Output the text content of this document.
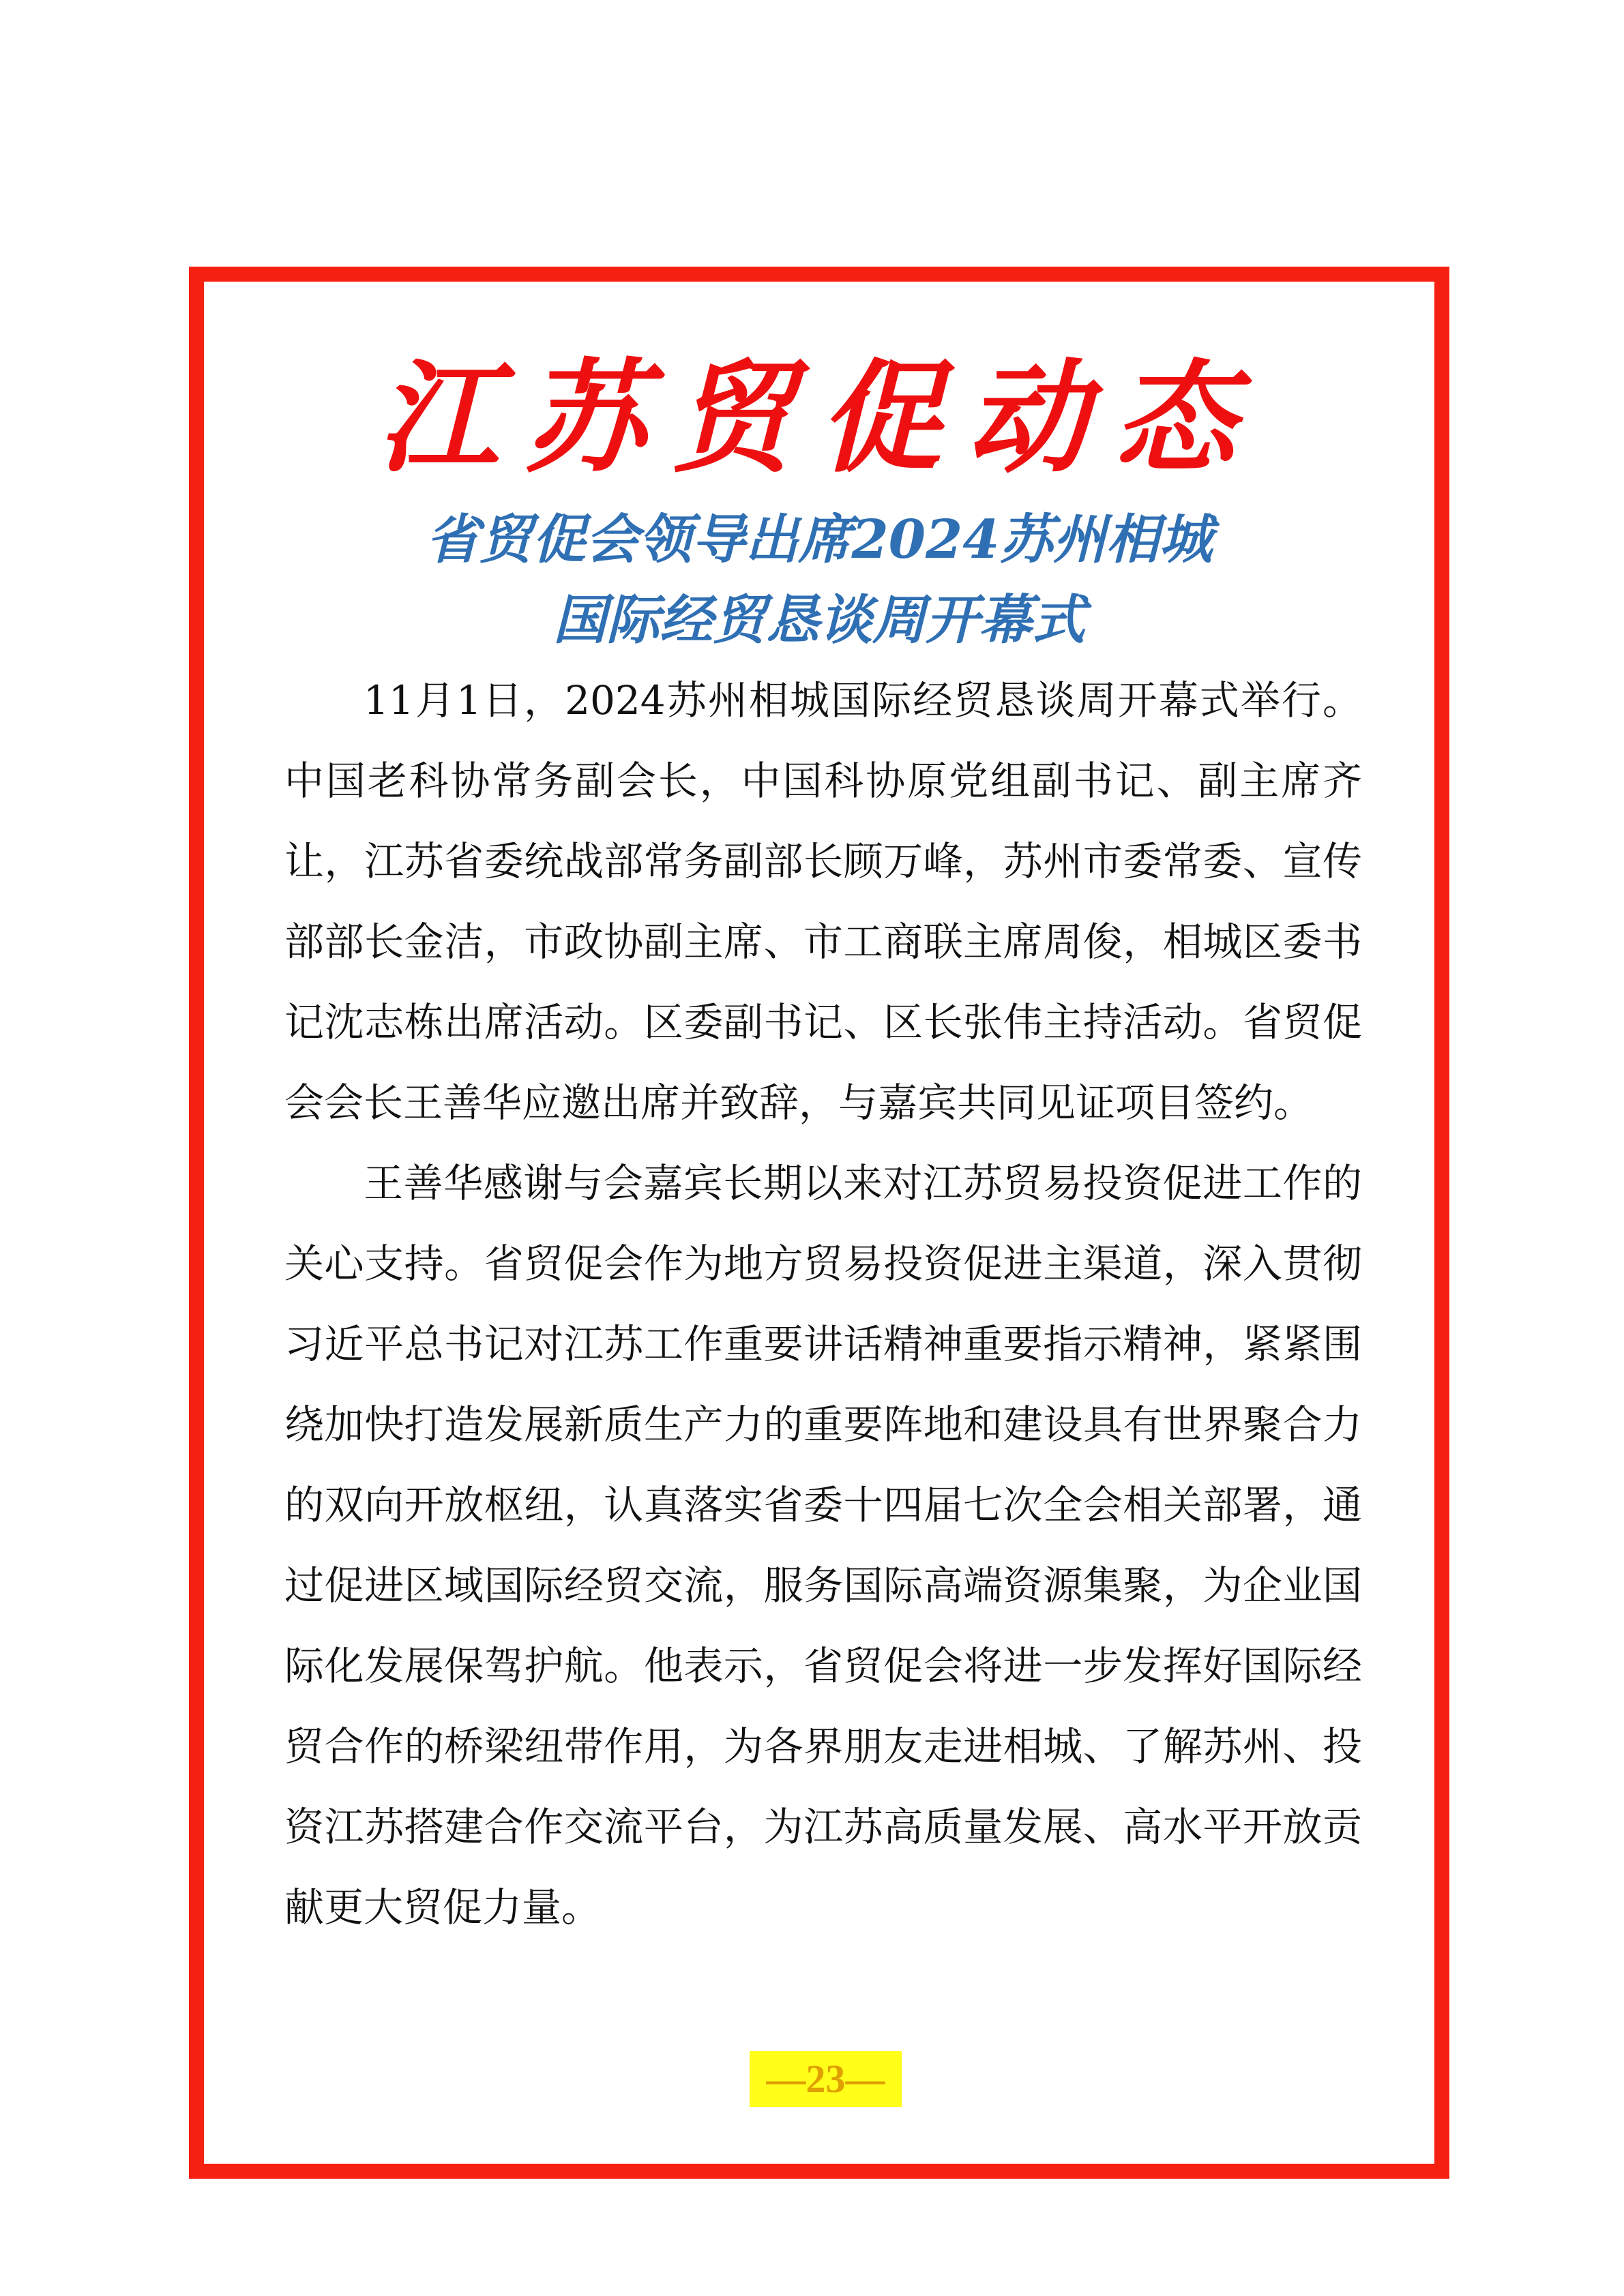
江苏贸促动态
省贸促会领导出席2024苏州相城
国际经贸恳谈周开幕式

11月1日，2024苏州相城国际经贸恳谈周开幕式举行。中国老科协常务副会长，中国科协原党组副书记、副主席齐让，江苏省委统战部常务副部长顾万峰，苏州市委常委、宣传部部长金洁，市政协副主席、市工商联主席周俊，相城区委书记沈志栋出席活动。区委副书记、区长张伟主持活动。省贸促会会长王善华应邀出席并致辞，与嘉宾共同见证项目签约。

王善华感谢与会嘉宾长期以来对江苏贸易投资促进工作的关心支持。省贸促会作为地方贸易投资促进主渠道，深入贯彻习近平总书记对江苏工作重要讲话精神重要指示精神，紧紧围绕加快打造发展新质生产力的重要阵地和建设具有世界聚合力的双向开放枢纽，认真落实省委十四届七次全会相关部署，通过促进区域国际经贸交流，服务国际高端资源集聚，为企业国际化发展保驾护航。他表示，省贸促会将进一步发挥好国际经贸合作的桥梁纽带作用，为各界朋友走进相城、了解苏州、投资江苏搭建合作交流平台，为江苏高质量发展、高水平开放贡献更大贸促力量。

—23—
